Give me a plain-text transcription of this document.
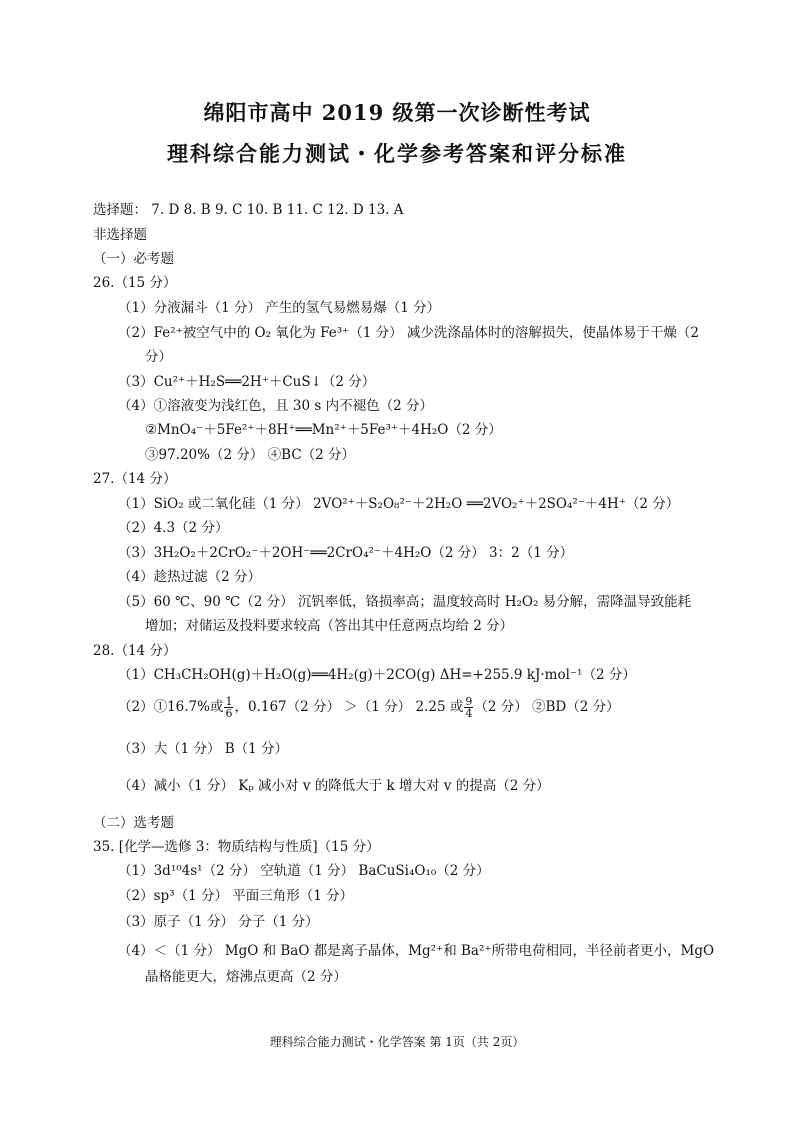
绵阳市高中 2019 级第一次诊断性考试
理科综合能力测试・化学参考答案和评分标准
选择题： 7. D 8. B 9. C 10. B 11. C 12. D 13. A
非选择题
（一）必考题
26.（15 分）
（1）分液漏斗（1 分） 产生的氢气易燃易爆（1 分）
（2）Fe²⁺被空气中的 O₂ 氧化为 Fe³⁺（1 分） 减少洗涤晶体时的溶解损失，使晶体易于干燥（2
分）
（3）Cu²⁺＋H₂S══2H⁺＋CuS↓（2 分）
（4）①溶液变为浅红色，且 30 s 内不褪色（2 分）
②MnO₄⁻＋5Fe²⁺＋8H⁺══Mn²⁺＋5Fe³⁺＋4H₂O（2 分）
③97.20%（2 分） ④BC（2 分）
27.（14 分）
（1）SiO₂ 或二氧化硅（1 分） 2VO²⁺＋S₂O₈²⁻＋2H₂O ══2VO₂⁺＋2SO₄²⁻＋4H⁺（2 分）
（2）4.3（2 分）
（3）3H₂O₂＋2CrO₂⁻＋2OH⁻══2CrO₄²⁻＋4H₂O（2 分） 3：2（1 分）
（4）趁热过滤（2 分）
（5）60 ℃、90 ℃（2 分） 沉钒率低，铬损率高；温度较高时 H₂O₂ 易分解，需降温导致能耗
增加；对储运及投料要求较高（答出其中任意两点均给 2 分）
28.（14 分）
（1）CH₃CH₂OH(g)＋H₂O(g)══4H₂(g)＋2CO(g) ΔH=+255.9 kJ·mol⁻¹（2 分）
（2）①16.7%或 $\frac{1}{6}$ ，0.167（2 分） ＞（1 分） 2.25 或 $\frac{9}{4} (2$ 分） ②BD（2 分）
（3）大（1 分） B（1 分）
（4）减小（1 分） Kₚ 减小对 v 的降低大于 k 增大对 v 的提高（2 分）
（二）选考题
35. [化学—选修 3：物质结构与性质]（15 分）
（1）3d¹⁰4s¹（2 分） 空轨道（1 分） BaCuSi₄O₁₀（2 分）
（2）sp³（1 分） 平面三角形（1 分）
（3）原子（1 分） 分子（1 分）
（4）＜（1 分） MgO 和 BaO 都是离子晶体，Mg²⁺和 Ba²⁺所带电荷相同，半径前者更小，MgO
晶格能更大，熔沸点更高（2 分）
理科综合能力测试・化学答案 第 1页（共 2页）
